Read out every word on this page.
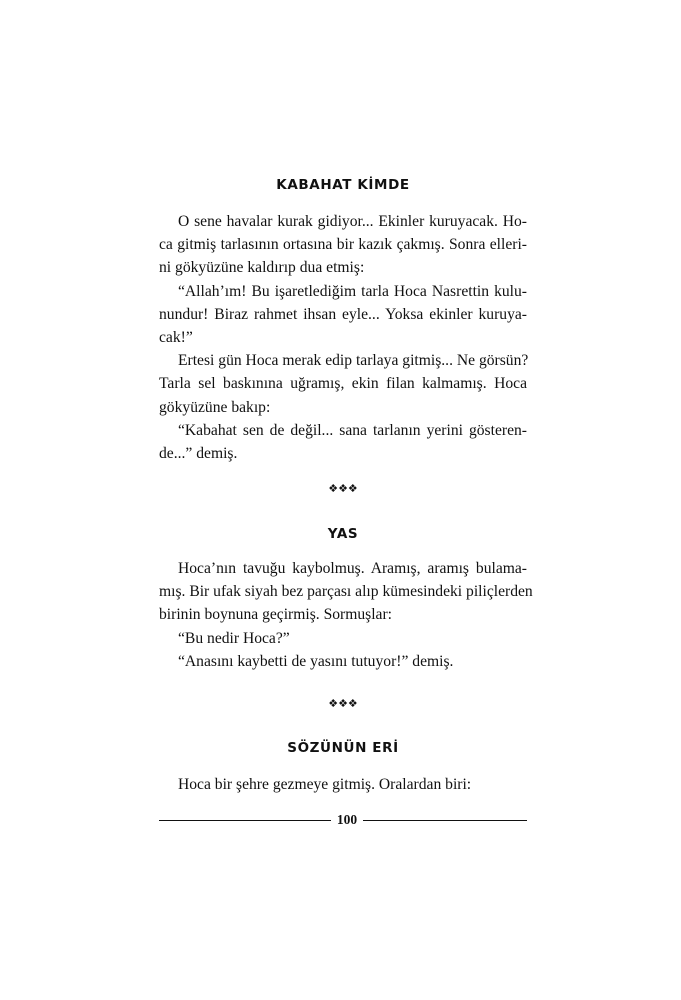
KABAHAT KİMDE
O sene havalar kurak gidiyor... Ekinler kuruyacak. Ho-
ca gitmiş tarlasının ortasına bir kazık çakmış. Sonra elleri-
ni gökyüzüne kaldırıp dua etmiş:
“Allah’ım! Bu işaretlediğim tarla Hoca Nasrettin kulu-
nundur! Biraz rahmet ihsan eyle... Yoksa ekinler kuruya-
cak!”
Ertesi gün Hoca merak edip tarlaya gitmiş... Ne görsün?
Tarla sel baskınına uğramış, ekin filan kalmamış. Hoca
gökyüzüne bakıp:
“Kabahat sen de değil... sana tarlanın yerini gösteren-
de...” demiş.
❖❖❖
YAS
Hoca’nın tavuğu kaybolmuş. Aramış, aramış bulama-
mış. Bir ufak siyah bez parçası alıp kümesindeki piliçlerden
birinin boynuna geçirmiş. Sormuşlar:
“Bu nedir Hoca?”
“Anasını kaybetti de yasını tutuyor!” demiş.
❖❖❖
SÖZÜNÜN ERİ
Hoca bir şehre gezmeye gitmiş. Oralardan biri:
100
